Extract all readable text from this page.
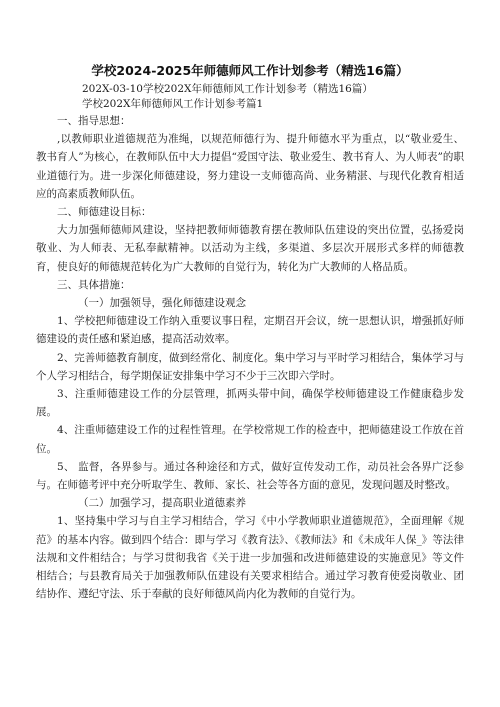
学校2024-2025年师德师风工作计划参考（精选16篇）
202X-03-10学校202X年师德师风工作计划参考（精选16篇）
学校202X年师德师风工作计划参考篇1
一、指导思想：

,以教师职业道德规范为准绳，以规范师德行为、提升师德水平为重点，以“敬业爱生、教书育人”为核心，在教师队伍中大力提倡“爱国守法、敬业爱生、教书育人、为人师表”的职业道德行为。进一步深化师德建设，努力建设一支师德高尚、业务精湛、与现代化教育相适应的高素质教师队伍。

二、师德建设目标：

大力加强师德师风建设，坚持把教师师德教育摆在教师队伍建设的突出位置，弘扬爱岗敬业、为人师表、无私奉献精神。以活动为主线，多渠道、多层次开展形式多样的师德教育，使良好的师德规范转化为广大教师的自觉行为，转化为广大教师的人格品质。

三、具体措施：
（一）加强领导，强化师德建设观念

1、学校把师德建设工作纳入重要议事日程，定期召开会议，统一思想认识，增强抓好师德建设的责任感和紧迫感，提高活动效率。

2、完善师德教育制度，做到经常化、制度化。集中学习与平时学习相结合，集体学习与个人学习相结合，每学期保证安排集中学习不少于三次即六学时。

3、注重师德建设工作的分层管理，抓两头带中间，确保学校师德建设工作健康稳步发展。

4、注重师德建设工作的过程性管理。在学校常规工作的检查中，把师德建设工作放在首位。

5、 监督，各界参与。通过各种途径和方式，做好宣传发动工作，动员社会各界广泛参与。在师德考评中充分听取学生、教师、家长、社会等各方面的意见，发现问题及时整改。

（二）加强学习，提高职业道德素养

1、坚持集中学习与自主学习相结合，学习《中小学教师职业道德规范》，全面理解《规范》的基本内容。做到四个结合：即与学习《教育法》、《教师法》和《未成年人保_》等法律法规和文件相结合；与学习贯彻我省《关于进一步加强和改进师德建设的实施意见》等文件相结合；与县教育局关于加强教师队伍建设有关要求相结合。通过学习教育使爱岗敬业、团结协作、遵纪守法、乐于奉献的良好师德风尚内化为教师的自觉行为。
